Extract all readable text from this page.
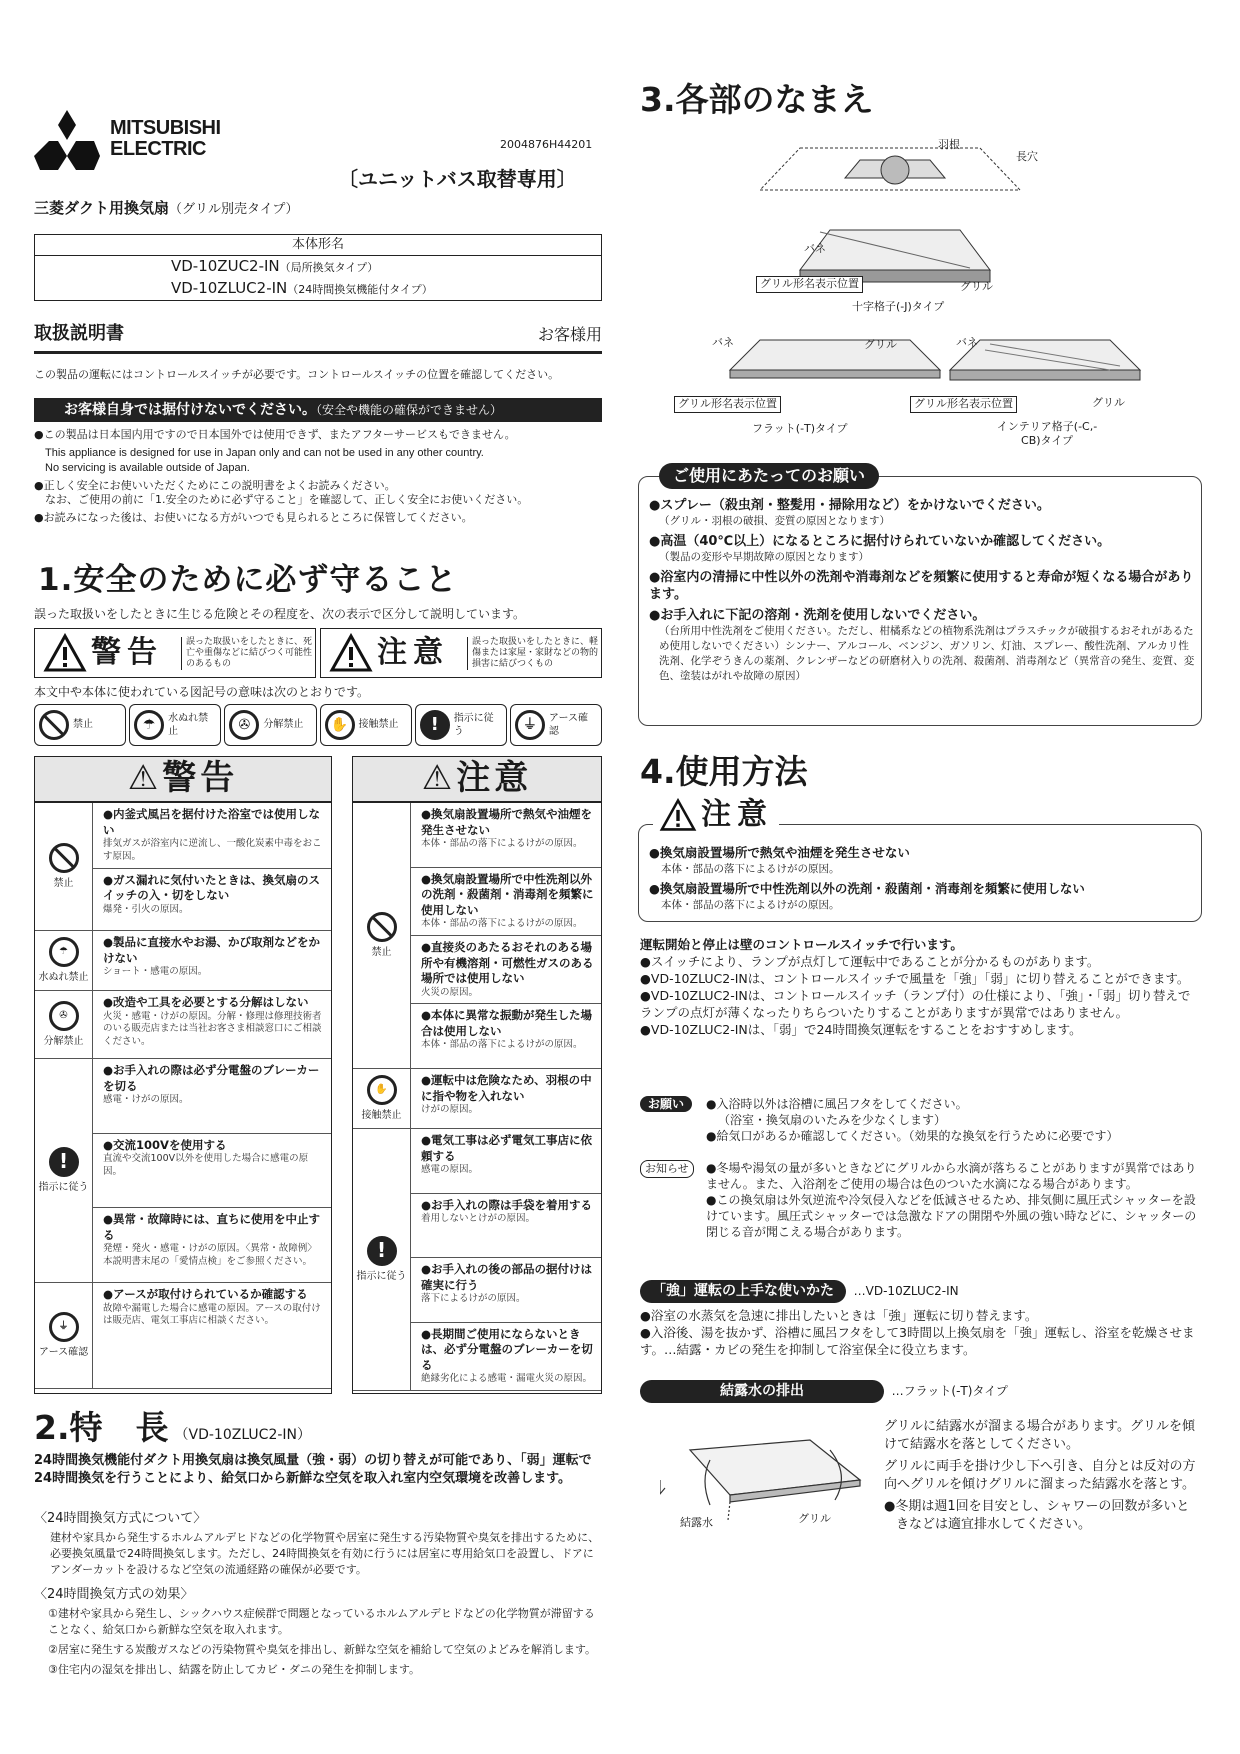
MITSUBISHI
ELECTRIC	2004876H44201
〔ユニットバス取替専用〕
三菱ダクト用換気扇（グリル別売タイプ）
本体形名
VD-10ZUC2-IN（局所換気タイプ）
VD-10ZLUC2-IN（24時間換気機能付タイプ）
取扱説明書	お客様用
この製品の運転にはコントロールスイッチが必要です。コントロールスイッチの位置を確認してください。
お客様自身では据付けないでください。（安全や機能の確保ができません）

●この製品は日本国内用ですので日本国外では使用できず、またアフターサービスもできません。

This appliance is designed for use in Japan only and can not be used in any other country.

No servicing is available outside of Japan.

●正しく安全にお使いいただくためにこの説明書をよくお読みください。

なお、ご使用の前に「1.安全のために必ず守ること」を確認して、正しく安全にお使いください。

●お読みになった後は、お使いになる方がいつでも見られるところに保管してください。

1.安全のために必ず守ること
誤った取扱いをしたときに生じる危険とその程度を、次の表示で区分して説明しています。
警告	誤った取扱いをしたときに、死亡や重傷などに結びつく可能性のあるもの	注意	誤った取扱いをしたときに、軽傷または家屋・家財などの物的損害に結びつくもの
本文中や本体に使われている図記号の意味は次のとおりです。
禁止	☂	水ぬれ禁止	✇	分解禁止	✋	接触禁止	!	指示に従う	⏚	アース確認
⚠警告
禁止
●内釜式風呂を据付けた浴室では使用しない
排気ガスが浴室内に逆流し、一酸化炭素中毒をおこす原因。
●ガス漏れに気付いたときは、換気扇のスイッチの入・切をしない
爆発・引火の原因。
☂
水ぬれ禁止
●製品に直接水やお湯、かび取剤などをかけない
ショート・感電の原因。
✇
分解禁止
●改造や工具を必要とする分解はしない
火災・感電・けがの原因。分解・修理は修理技術者のいる販売店または当社お客さま相談窓口にご相談ください。
!
指示に従う
●お手入れの際は必ず分電盤のブレーカーを切る
感電・けがの原因。
●交流100Vを使用する
直流や交流100V以外を使用した場合に感電の原因。
●異常・故障時には、直ちに使用を中止する
発煙・発火・感電・けがの原因。〈異常・故障例〉本説明書末尾の「愛情点検」をご参照ください。
⏚
アース確認
●アースが取付けられているか確認する
故障や漏電した場合に感電の原因。アースの取付けは販売店、電気工事店に相談ください。
⚠注意
禁止
●換気扇設置場所で熱気や油煙を発生させない
本体・部品の落下によるけがの原因。
●換気扇設置場所で中性洗剤以外の洗剤・殺菌剤・消毒剤を頻繁に使用しない
本体・部品の落下によるけがの原因。
●直接炎のあたるおそれのある場所や有機溶剤・可燃性ガスのある場所では使用しない
火災の原因。
●本体に異常な振動が発生した場合は使用しない
本体・部品の落下によるけがの原因。
✋
接触禁止
●運転中は危険なため、羽根の中に指や物を入れない
けがの原因。
!
指示に従う
●電気工事は必ず電気工事店に依頼する
感電の原因。
●お手入れの際は手袋を着用する
着用しないとけがの原因。
●お手入れの後の部品の据付けは確実に行う
落下によるけがの原因。
●長期間ご使用にならないときは、必ず分電盤のブレーカーを切る
絶縁劣化による感電・漏電火災の原因。
2.特　長 （VD-10ZLUC2-IN）
24時間換気機能付ダクト用換気扇は換気風量（強・弱）の切り替えが可能であり、「弱」運転で24時間換気を行うことにより、給気口から新鮮な空気を取入れ室内空気環境を改善します。
〈24時間換気方式について〉
建材や家具から発生するホルムアルデヒドなどの化学物質や居室に発生する汚染物質や臭気を排出するために、必要換気風量で24時間換気します。ただし、24時間換気を有効に行うには居室に専用給気口を設置し、ドアにアンダーカットを設けるなど空気の流通経路の確保が必要です。
〈24時間換気方式の効果〉

①建材や家具から発生し、シックハウス症候群で問題となっているホルムアルデヒドなどの化学物質が滞留することなく、給気口から新鮮な空気を取入れます。

②居室に発生する炭酸ガスなどの汚染物質や臭気を排出し、新鮮な空気を補給して空気のよどみを解消します。

③住宅内の湿気を排出し、結露を防止してカビ・ダニの発生を抑制します。

3.各部のなまえ
羽根
長穴
バネ
グリル
グリル形名表示位置
十字格子(-J)タイプ
バネ	グリル
グリル形名表示位置
フラット(-T)タイプ
バネ
グリル
グリル形名表示位置
インテリア格子(-C,-CB)タイプ
ご使用にあたってのお願い
●スプレー（殺虫剤・整髪用・掃除用など）をかけないでください。
（グリル・羽根の破損、変質の原因となります）
●高温（40℃以上）になるところに据付けられていないか確認してください。
（製品の変形や早期故障の原因となります）
●浴室内の清掃に中性以外の洗剤や消毒剤などを頻繁に使用すると寿命が短くなる場合があります。
●お手入れに下記の溶剤・洗剤を使用しないでください。
（台所用中性洗剤をご使用ください。ただし、柑橘系などの植物系洗剤はプラスチックが破損するおそれがあるため使用しないでください）シンナー、アルコール、ベンジン、ガソリン、灯油、スプレー、酸性洗剤、アルカリ性洗剤、化学ぞうきんの薬剤、クレンザーなどの研磨材入りの洗剤、殺菌剤、消毒剤など（異常音の発生、変質、変色、塗装はがれや故障の原因）
4.使用方法
注意
●換気扇設置場所で熱気や油煙を発生させない
本体・部品の落下によるけがの原因。
●換気扇設置場所で中性洗剤以外の洗剤・殺菌剤・消毒剤を頻繁に使用しない
本体・部品の落下によるけがの原因。
運転開始と停止は壁のコントロールスイッチで行います。
●スイッチにより、ランプが点灯して運転中であることが分かるものがあります。
●VD-10ZLUC2-INは、コントロールスイッチで風量を「強」「弱」に切り替えることができます。
●VD-10ZLUC2-INは、コントロールスイッチ（ランプ付）の仕様により、「強」・「弱」切り替えでランプの点灯が薄くなったりちらついたりすることがありますが異常ではありません。
●VD-10ZLUC2-INは、「弱」で24時間換気運転をすることをおすすめします。
お願い	●入浴時以外は浴槽に風呂フタをしてください。
（浴室・換気扇のいたみを少なくします）
●給気口があるか確認してください。（効果的な換気を行うために必要です）
お知らせ	●冬場や湯気の量が多いときなどにグリルから水滴が落ちることがありますが異常ではありません。また、入浴剤をご使用の場合は色のついた水滴になる場合があります。
●この換気扇は外気逆流や冷気侵入などを低減させるため、排気側に風圧式シャッターを設けています。風圧式シャッターでは急激なドアの開閉や外風の強い時などに、シャッターの閉じる音が聞こえる場合があります。
「強」運転の上手な使いかた …VD-10ZLUC2-IN
●浴室の水蒸気を急速に排出したいときは「強」運転に切り替えます。
●入浴後、湯を抜かず、浴槽に風呂フタをして3時間以上換気扇を「強」運転し、浴室を乾燥させます。…結露・カビの発生を抑制して浴室保全に役立ちます。
結露水の排出	…フラット(-T)タイプ
結露水	グリル

グリルに結露水が溜まる場合があります。グリルを傾けて結露水を落としてください。

グリルに両手を掛け少し下へ引き、自分とは反対の方向へグリルを傾けグリルに溜まった結露水を落とす。

●冬期は週1回を目安とし、シャワーの回数が多いときなどは適宜排水してください。
